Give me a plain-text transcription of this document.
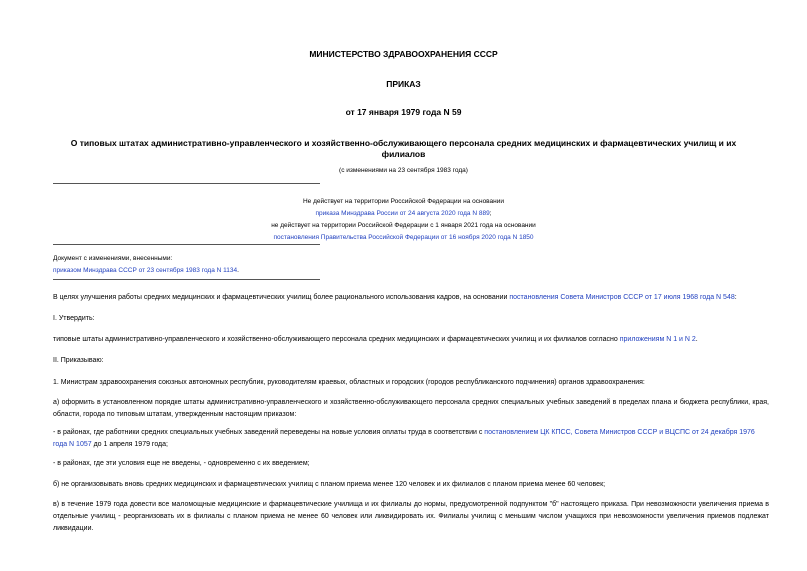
МИНИСТЕРСТВО ЗДРАВООХРАНЕНИЯ СССР
ПРИКАЗ
от 17 января 1979 года N 59
О типовых штатах административно-управленческого и хозяйственно-обслуживающего персонала средних медицинских и фармацевтических училищ и их
филиалов
(с изменениями на 23 сентября 1983 года)
Не действует на территории Российской Федерации на основании
приказа Минздрава России от 24 августа 2020 года N 889;
не действует на территории Российской Федерации с 1 января 2021 года на основании
постановления Правительства Российской Федерации от 16 ноября 2020 года N 1850
Документ с изменениями, внесенными:
приказом Минздрава СССР от 23 сентября 1983 года N 1134.
В целях улучшения работы средних медицинских и фармацевтических училищ более рационального использования кадров, на основании постановления Совета Министров СССР от 17 июля 1968 года N 548:
I. Утвердить:
типовые штаты административно-управленческого и хозяйственно-обслуживающего персонала средних медицинских и фармацевтических училищ и их филиалов согласно приложениям N 1 и N 2.
II. Приказываю:
1. Министрам здравоохранения союзных автономных республик, руководителям краевых, областных и городских (городов республиканского подчинения) органов здравоохранения:
а) оформить в установленном порядке штаты административно-управленческого и хозяйственно-обслуживающего персонала средних специальных учебных заведений в пределах плана и бюджета республики, края, области, города по типовым штатам, утвержденным настоящим приказом:
- в районах, где работники средних специальных учебных заведений переведены на новые условия оплаты труда в соответствии с постановлением ЦК КПСС, Совета Министров СССР и ВЦСПС от 24 декабря 1976 года N 1057 до 1 апреля 1979 года;
- в районах, где эти условия еще не введены, - одновременно с их введением;
б) не организовывать вновь средних медицинских и фармацевтических училищ с планом приема менее 120 человек и их филиалов с планом приема менее 60 человек;
в) в течение 1979 года довести все маломощные медицинские и фармацевтические училища и их филиалы до нормы, предусмотренной подпунктом "б" настоящего приказа. При невозможности увеличения приема в отдельные училищ - реорганизовать их в филиалы с планом приема не менее 60 человек или ликвидировать их. Филиалы училищ с меньшим числом учащихся при невозможности увеличения приемов подлежат ликвидации.
